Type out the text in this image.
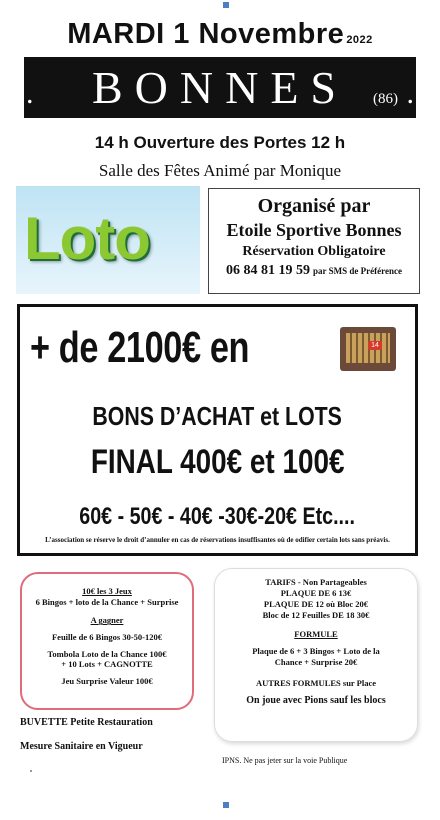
MARDI 1 Novembre 2022
.	BONNES	(86) .
14 h Ouverture des Portes 12 h
Salle des Fêtes Animé par Monique
Loto	Organisé par
Etoile Sportive Bonnes
Réservation Obligatoire
06 84 81 19 59 par SMS de Préférence
+ de 2100€ en	14
BONS D’ACHAT et LOTS
FINAL 400€ et 100€
60€ - 50€ - 40€ -30€-20€ Etc....
L’association se réserve le droit d’annuler en cas de réservations insuffisantes où de odifier certain lots sans préavis.
10€ les 3 Jeux
6 Bingos + loto de la Chance + Surprise
A gagner
Feuille de 6 Bingos 30-50-120€
Tombola Loto de la Chance 100€
+ 10 Lots + CAGNOTTE
Jeu Surprise Valeur 100€
TARIFS - Non Partageables
PLAQUE DE 6 13€
PLAQUE DE 12 où Bloc 20€
Bloc de 12 Feuilles DE 18 30€
FORMULE
Plaque de 6 + 3 Bingos + Loto de la
Chance + Surprise 20€
AUTRES FORMULES sur Place
On joue avec Pions sauf les blocs
BUVETTE Petite Restauration
Mesure Sanitaire en Vigueur
IPNS. Ne pas jeter sur la voie Publique
